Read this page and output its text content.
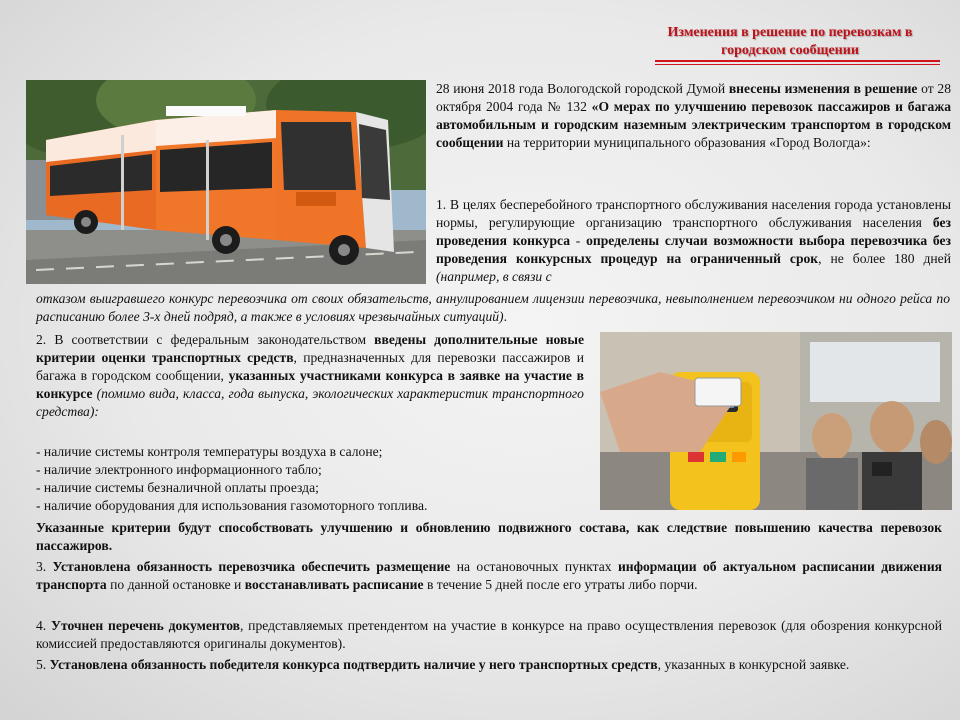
Изменения в решение по перевозкам в
городском сообщении

28 июня 2018 года Вологодской городской Думой внесены изменения в решение от 28 октября 2004 года № 132 «О мерах по улучшению перевозок пассажиров и багажа автомобильным и городским наземным электрическим транспортом в городском сообщении на территории муниципального образования «Город Вологда»:

1. В целях бесперебойного транспортного обслуживания населения города установлены нормы, регулирующие организацию транспортного обслуживания населения без проведения конкурса - определены случаи возможности выбора перевозчика без проведения конкурсных процедур на ограниченный срок, не более 180 дней (например, в связи с

отказом выигравшего конкурс перевозчика от своих обязательств, аннулированием лицензии перевозчика, невыполнением перевозчиком ни одного рейса по расписанию более 3-х дней подряд, а также в условиях чрезвычайных ситуаций).

2. В соответствии с федеральным законодательством введены дополнительные новые критерии оценки транспортных средств, предназначенных для перевозки пассажиров и багажа в городском сообщении, указанных участниками конкурса в заявке на участие в конкурсе (помимо вида, класса, года выпуска, экологических характеристик транспортного средства):

- наличие системы контроля температуры воздуха в салоне;
- наличие электронного информационного табло;
- наличие системы безналичной оплаты проезда;
- наличие оборудования для использования газомоторного топлива.

Указанные критерии будут способствовать улучшению и обновлению подвижного состава, как следствие повышению качества перевозок пассажиров.

3. Установлена обязанность перевозчика обеспечить размещение на остановочных пунктах информации об актуальном расписании движения транспорта по данной остановке и восстанавливать расписание в течение 5 дней после его утраты либо порчи.

4. Уточнен перечень документов, представляемых претендентом на участие в конкурсе на право осуществления перевозок (для обозрения конкурсной комиссией предоставляются оригиналы документов).

5. Установлена обязанность победителя конкурса подтвердить наличие у него транспортных средств, указанных в конкурсной заявке.
